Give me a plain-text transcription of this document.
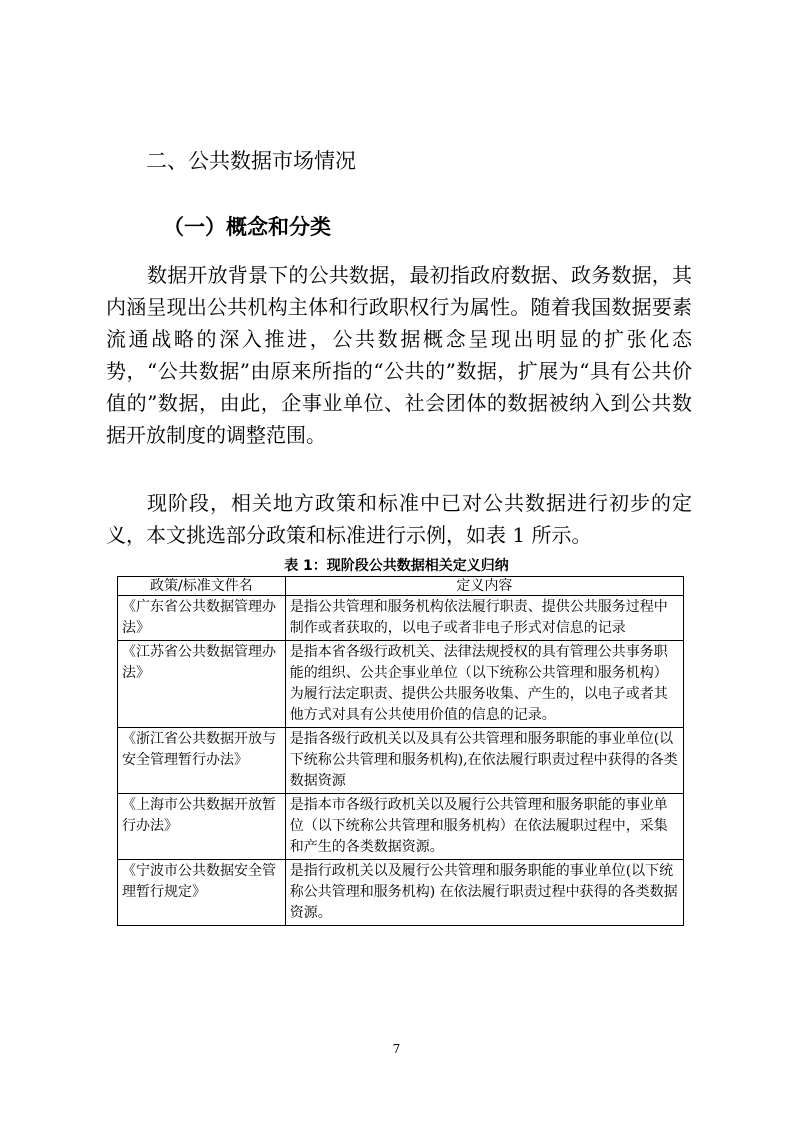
二、公共数据市场情况
（一）概念和分类

数据开放背景下的公共数据，最初指政府数据、政务数据，其内涵呈现出公共机构主体和行政职权行为属性。随着我国数据要素流通战略的深入推进，公共数据概念呈现出明显的扩张化态势，“公共数据”由原来所指的“公共的”数据，扩展为“具有公共价值的”数据，由此，企事业单位、社会团体的数据被纳入到公共数据开放制度的调整范围。

现阶段，相关地方政策和标准中已对公共数据进行初步的定义，本文挑选部分政策和标准进行示例，如表 1 所示。

表 1：现阶段公共数据相关定义归纳
政策/标准文件名	定义内容
《广东省公共数据管理办法》	是指公共管理和服务机构依法履行职责、提供公共服务过程中制作或者获取的，以电子或者非电子形式对信息的记录
《江苏省公共数据管理办法》	是指本省各级行政机关、法律法规授权的具有管理公共事务职能的组织、公共企事业单位（以下统称公共管理和服务机构）为履行法定职责、提供公共服务收集、产生的，以电子或者其他方式对具有公共使用价值的信息的记录。
《浙江省公共数据开放与安全管理暂行办法》	是指各级行政机关以及具有公共管理和服务职能的事业单位(以下统称公共管理和服务机构),在依法履行职责过程中获得的各类数据资源
《上海市公共数据开放暂行办法》	是指本市各级行政机关以及履行公共管理和服务职能的事业单位（以下统称公共管理和服务机构）在依法履职过程中，采集和产生的各类数据资源。
《宁波市公共数据安全管理暂行规定》	是指行政机关以及履行公共管理和服务职能的事业单位(以下统称公共管理和服务机构) 在依法履行职责过程中获得的各类数据资源。
7
